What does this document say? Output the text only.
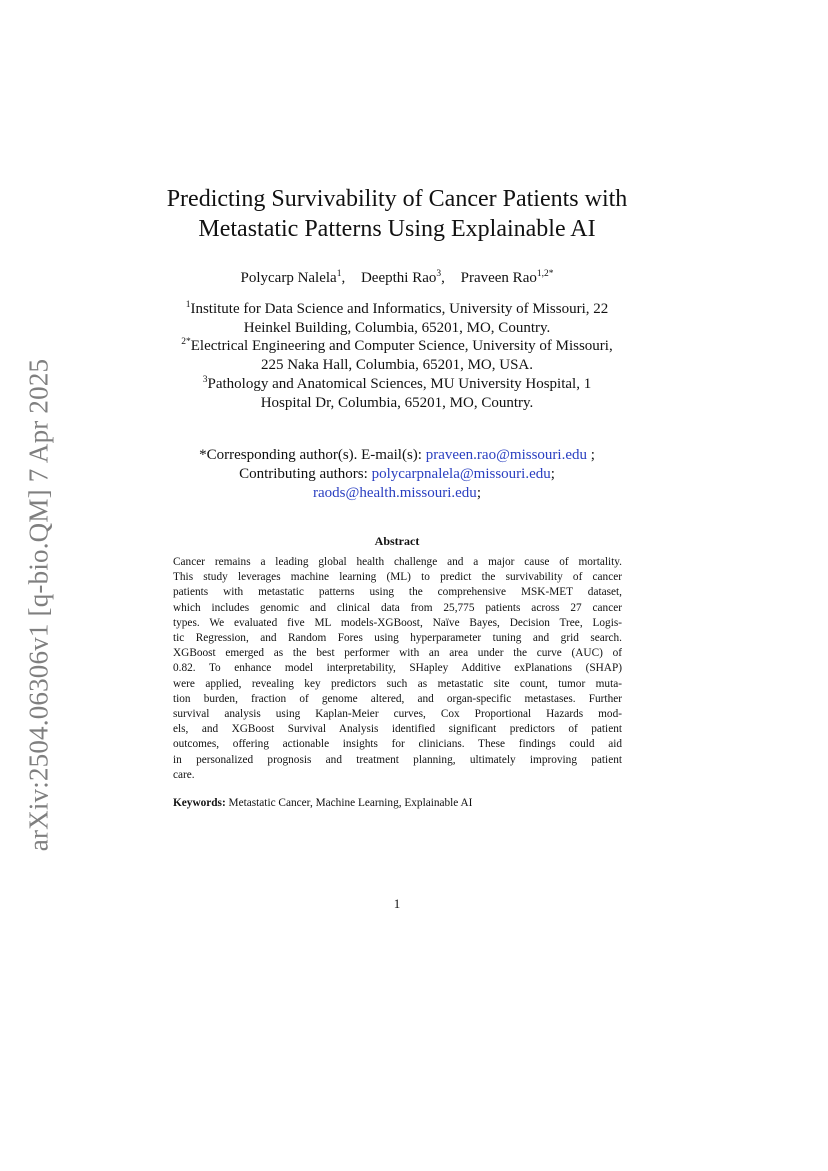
arXiv:2504.06306v1 [q-bio.QM] 7 Apr 2025
Predicting Survivability of Cancer Patients with
Metastatic Patterns Using Explainable AI
Polycarp Nalela$^1$, Deepthi Rao$^3$, Praveen Rao$^{1,2*}$
$^1$Institute for Data Science and Informatics, University of Missouri, 22
Heinkel Building, Columbia, 65201, MO, Country.
$^{2*}$Electrical Engineering and Computer Science, University of Missouri,
225 Naka Hall, Columbia, 65201, MO, USA.
$^3$Pathology and Anatomical Sciences, MU University Hospital, 1
Hospital Dr, Columbia, 65201, MO, Country.
*Corresponding author(s). E-mail(s): praveen.rao@missouri.edu ;
Contributing authors: polycarpnalela@missouri.edu;
raods@health.missouri.edu;
Abstract
Cancer remains a leading global health challenge and a major cause of mortality.
This study leverages machine learning (ML) to predict the survivability of cancer
patients with metastatic patterns using the comprehensive MSK-MET dataset,
which includes genomic and clinical data from 25,775 patients across 27 cancer
types. We evaluated five ML models-XGBoost, Naïve Bayes, Decision Tree, Logis-
tic Regression, and Random Fores using hyperparameter tuning and grid search.
XGBoost emerged as the best performer with an area under the curve (AUC) of
0.82. To enhance model interpretability, SHapley Additive exPlanations (SHAP)
were applied, revealing key predictors such as metastatic site count, tumor muta-
tion burden, fraction of genome altered, and organ-specific metastases. Further
survival analysis using Kaplan-Meier curves, Cox Proportional Hazards mod-
els, and XGBoost Survival Analysis identified significant predictors of patient
outcomes, offering actionable insights for clinicians. These findings could aid
in personalized prognosis and treatment planning, ultimately improving patient
care.
Keywords: Metastatic Cancer, Machine Learning, Explainable AI
1
